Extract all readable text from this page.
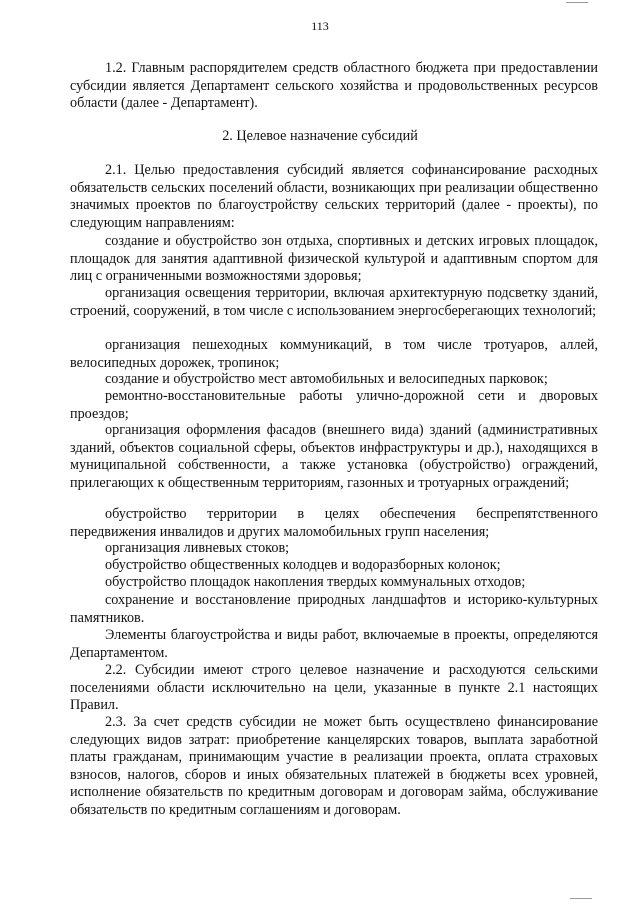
113
1.2. Главным распорядителем средств областного бюджета при предоставлении субсидии является Департамент сельского хозяйства и продовольственных ресурсов области (далее - Департамент).
2. Целевое назначение субсидий
2.1. Целью предоставления субсидий является софинансирование расходных обязательств сельских поселений области, возникающих при реализации общественно значимых проектов по благоустройству сельских территорий (далее - проекты), по следующим направлениям:
создание и обустройство зон отдыха, спортивных и детских игровых площадок, площадок для занятия адаптивной физической культурой и адаптивным спортом для лиц с ограниченными возможностями здоровья;
организация освещения территории, включая архитектурную подсветку зданий, строений, сооружений, в том числе с использованием энергосберегающих технологий;
организация пешеходных коммуникаций, в том числе тротуаров, аллей, велосипедных дорожек, тропинок;
создание и обустройство мест автомобильных и велосипедных парковок;
ремонтно-восстановительные работы улично-дорожной сети и дворовых проездов;
организация оформления фасадов (внешнего вида) зданий (административных зданий, объектов социальной сферы, объектов инфраструктуры и др.), находящихся в муниципальной собственности, а также установка (обустройство) ограждений, прилегающих к общественным территориям, газонных и тротуарных ограждений;
обустройство территории в целях обеспечения беспрепятственного передвижения инвалидов и других маломобильных групп населения;
организация ливневых стоков;
обустройство общественных колодцев и водоразборных колонок;
обустройство площадок накопления твердых коммунальных отходов;
сохранение и восстановление природных ландшафтов и историко-культурных памятников.
Элементы благоустройства и виды работ, включаемые в проекты, определяются Департаментом.
2.2. Субсидии имеют строго целевое назначение и расходуются сельскими поселениями области исключительно на цели, указанные в пункте 2.1 настоящих Правил.
2.3. За счет средств субсидии не может быть осуществлено финансирование следующих видов затрат: приобретение канцелярских товаров, выплата заработной платы гражданам, принимающим участие в реализации проекта, оплата страховых взносов, налогов, сборов и иных обязательных платежей в бюджеты всех уровней, исполнение обязательств по кредитным договорам и договорам займа, обслуживание обязательств по кредитным соглашениям и договорам.
